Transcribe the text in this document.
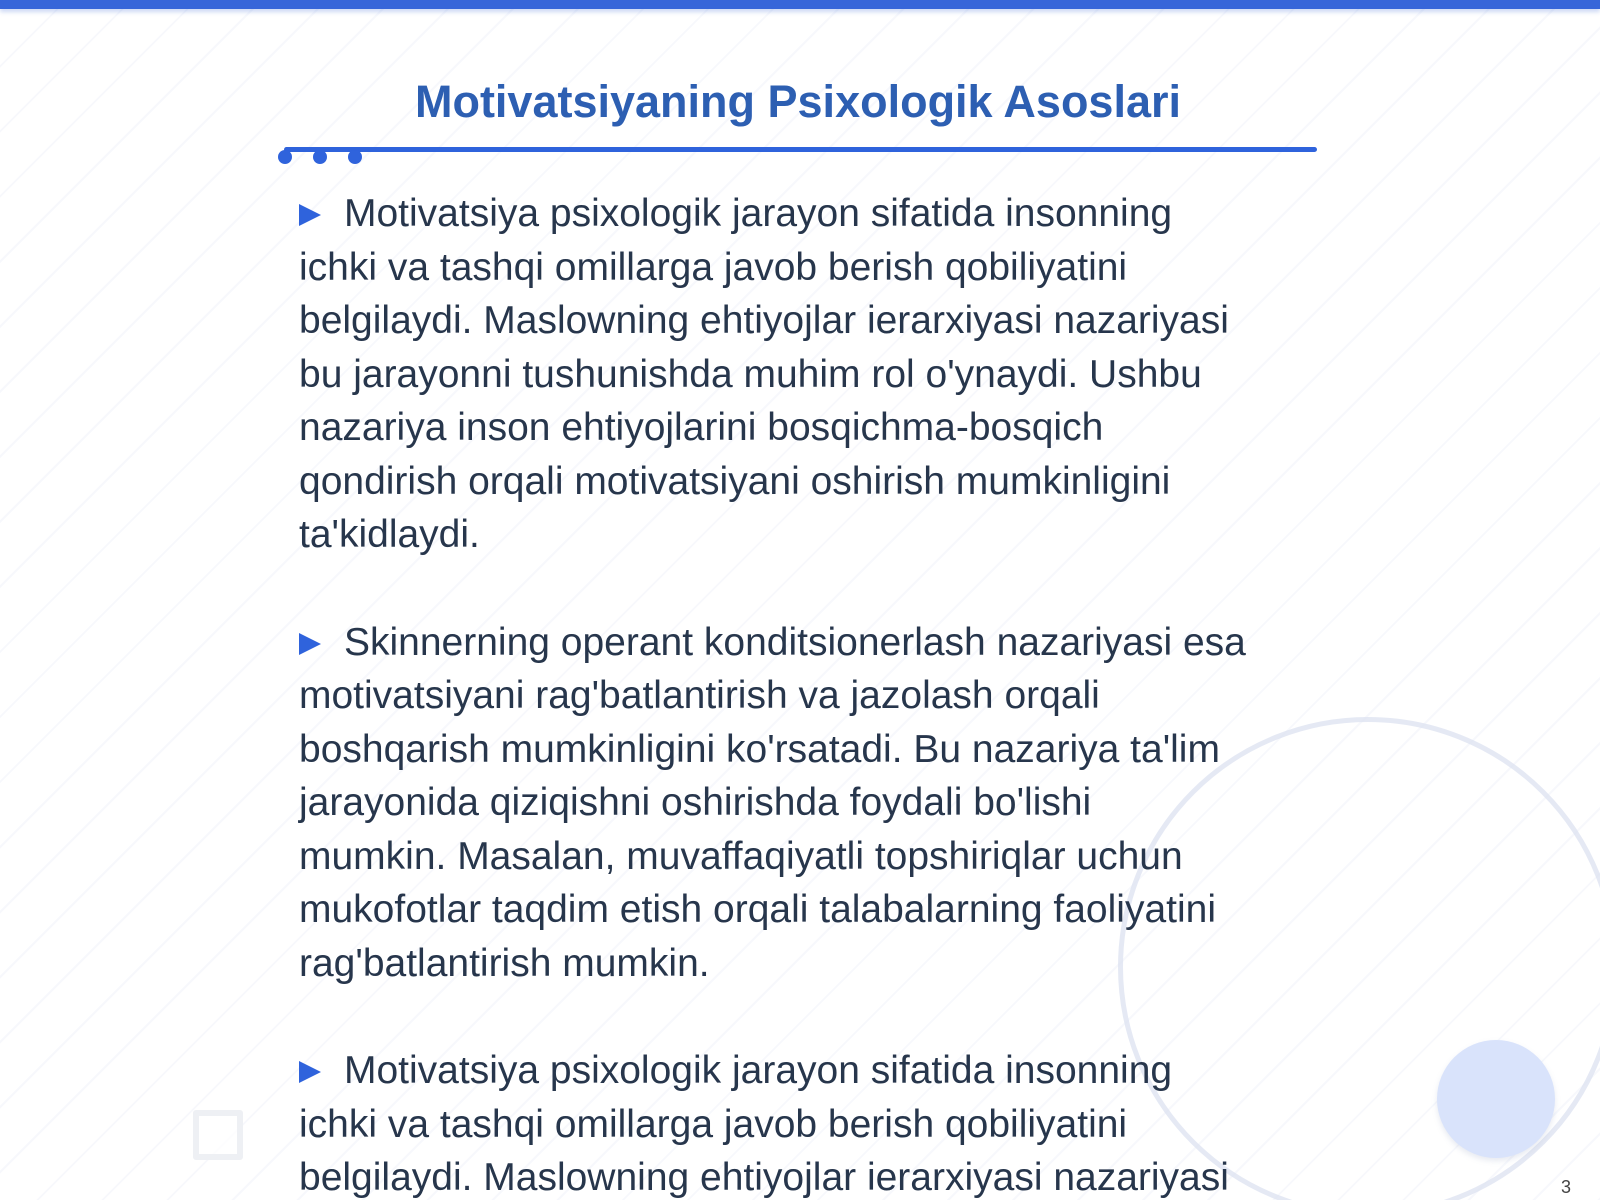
Motivatsiyaning Psixologik Asoslari

Motivatsiya psixologik jarayon sifatida insonning
ichki va tashqi omillarga javob berish qobiliyatini
belgilaydi. Maslowning ehtiyojlar ierarxiyasi nazariyasi
bu jarayonni tushunishda muhim rol o'ynaydi. Ushbu
nazariya inson ehtiyojlarini bosqichma-bosqich
qondirish orqali motivatsiyani oshirish mumkinligini
ta'kidlaydi.

Skinnerning operant konditsionerlash nazariyasi esa
motivatsiyani rag'batlantirish va jazolash orqali
boshqarish mumkinligini ko'rsatadi. Bu nazariya ta'lim
jarayonida qiziqishni oshirishda foydali bo'lishi
mumkin. Masalan, muvaffaqiyatli topshiriqlar uchun
mukofotlar taqdim etish orqali talabalarning faoliyatini
rag'batlantirish mumkin.

Motivatsiya psixologik jarayon sifatida insonning
ichki va tashqi omillarga javob berish qobiliyatini
belgilaydi. Maslowning ehtiyojlar ierarxiyasi nazariyasi	3
